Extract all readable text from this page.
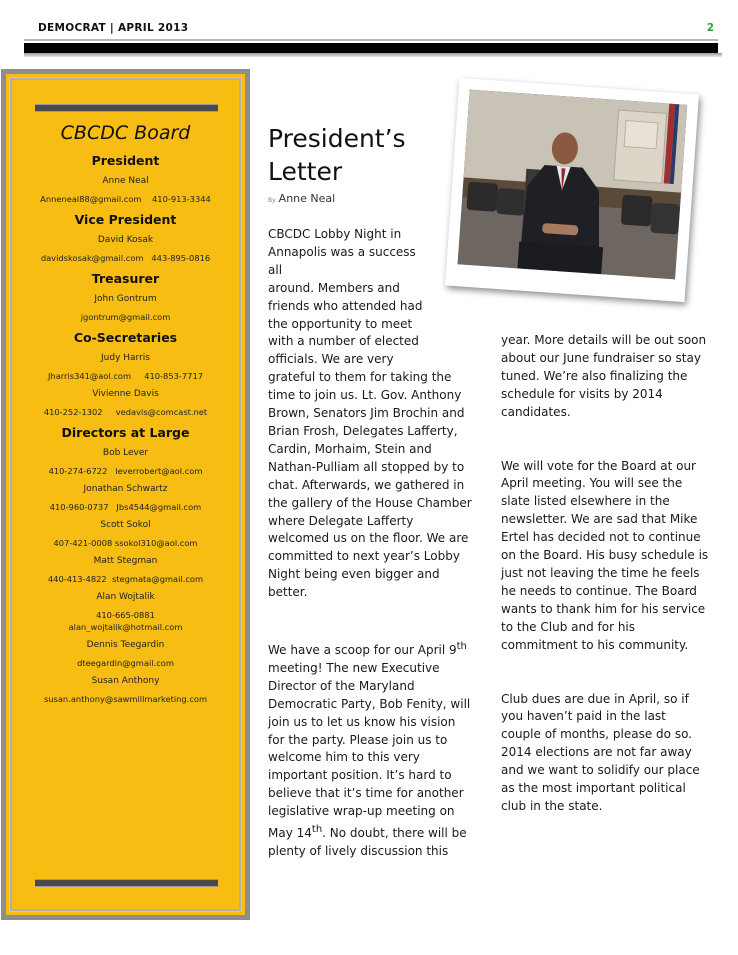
DEMOCRAT | APRIL 2013	2
CBCDC Board
President
Anne Neal
Anneneal88@gmail.com    410-913-3344
Vice President
David Kosak
davidskosak@gmail.com   443-895-0816
Treasurer
John Gontrum
jgontrum@gmail.com
Co-Secretaries
Judy Harris
Jharris341@aol.com     410-853-7717
Vivienne Davis
410-252-1302     vedavis@comcast.net
Directors at Large
Bob Lever
410-274-6722   leverrobert@aol.com
Jonathan Schwartz
410-960-0737   Jbs4544@gmail.com
Scott Sokol
407-421-0008 ssokol310@aol.com
Matt Stegman
440-413-4822  stegmata@gmail.com
Alan Wojtalik
410-665-0881
alan_wojtalik@hotmail.com
Dennis Teegardin
dteegardin@gmail.com
Susan Anthony
susan.anthony@sawmillmarketing.com
President’s
Letter
By Anne Neal

CBCDC Lobby Night in
Annapolis was a success all
around. Members and
friends who attended had
the opportunity to meet
with a number of elected
officials. We are very
grateful to them for taking the time to join us. Lt. Gov. Anthony Brown, Senators Jim Brochin and Brian Frosh, Delegates Lafferty, Cardin, Morhaim, Stein and Nathan-Pulliam all stopped by to chat. Afterwards, we gathered in the gallery of the House Chamber where Delegate Lafferty welcomed us on the floor. We are committed to next year’s Lobby Night being even bigger and better.

We have a scoop for our April 9th meeting! The new Executive Director of the Maryland Democratic Party, Bob Fenity, will join us to let us know his vision for the party. Please join us to welcome him to this very important position. It’s hard to believe that it’s time for another legislative wrap-up meeting on May 14th. No doubt, there will be plenty of lively discussion this

year. More details will be out soon about our June fundraiser so stay tuned. We’re also finalizing the schedule for visits by 2014 candidates.

We will vote for the Board at our April meeting. You will see the slate listed elsewhere in the newsletter. We are sad that Mike Ertel has decided not to continue on the Board. His busy schedule is just not leaving the time he feels he needs to continue. The Board wants to thank him for his service to the Club and for his commitment to his community.

Club dues are due in April, so if you haven’t paid in the last couple of months, please do so. 2014 elections are not far away and we want to solidify our place as the most important political club in the state.
